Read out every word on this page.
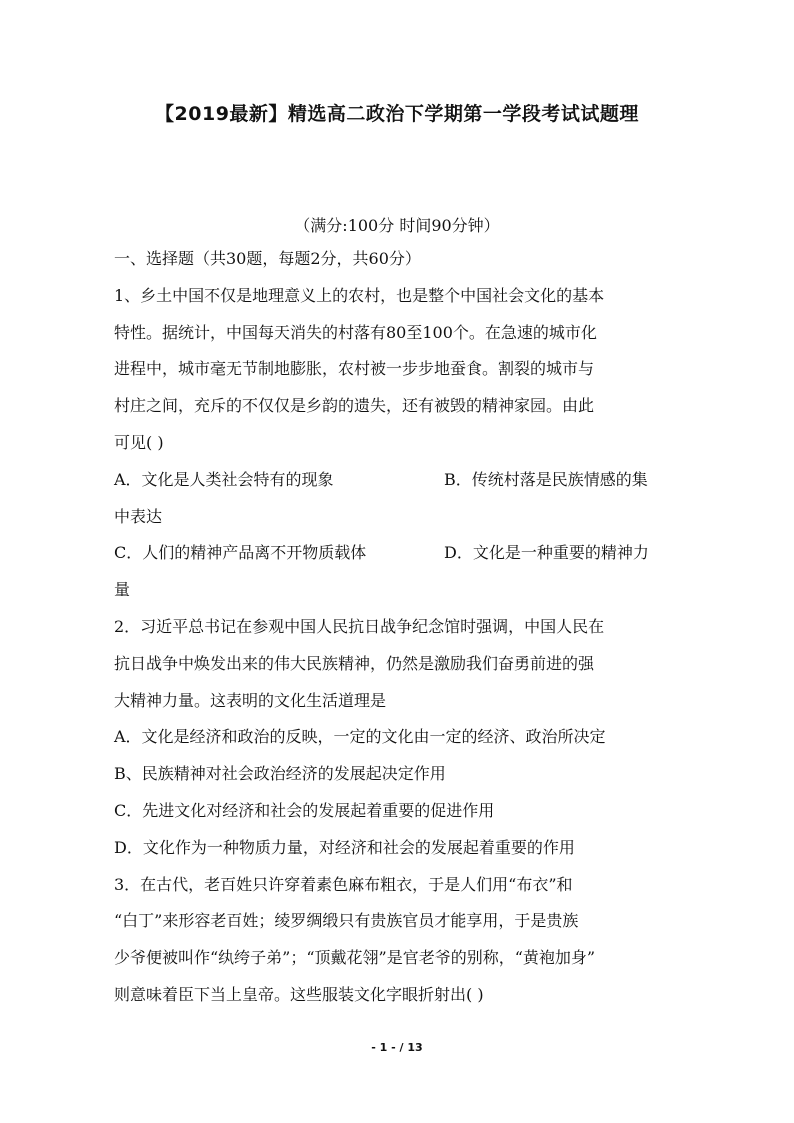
【2019最新】精选高二政治下学期第一学段考试试题理
（满分:100分 时间90分钟）
一、选择题（共30题，每题2分，共60分）
1、乡土中国不仅是地理意义上的农村，也是整个中国社会文化的基本
特性。据统计，中国每天消失的村落有80至100个。在急速的城市化
进程中，城市毫无节制地膨胀，农村被一步步地蚕食。割裂的城市与
村庄之间，充斥的不仅仅是乡韵的遗失，还有被毁的精神家园。由此
可见( )
A．文化是人类社会特有的现象	B．传统村落是民族情感的集
中表达
C．人们的精神产品离不开物质载体	D．文化是一种重要的精神力
量
2．习近平总书记在参观中国人民抗日战争纪念馆时强调，中国人民在
抗日战争中焕发出来的伟大民族精神，仍然是激励我们奋勇前进的强
大精神力量。这表明的文化生活道理是
A．文化是经济和政治的反映，一定的文化由一定的经济、政治所决定
B、民族精神对社会政治经济的发展起决定作用
C．先进文化对经济和社会的发展起着重要的促进作用
D．文化作为一种物质力量，对经济和社会的发展起着重要的作用
3．在古代，老百姓只许穿着素色麻布粗衣，于是人们用“布衣”和
“白丁”来形容老百姓；绫罗绸缎只有贵族官员才能享用，于是贵族
少爷便被叫作“纨绔子弟”；“顶戴花翎”是官老爷的别称，“黄袍加身”
则意味着臣下当上皇帝。这些服装文化字眼折射出( )
- 1 - / 13
